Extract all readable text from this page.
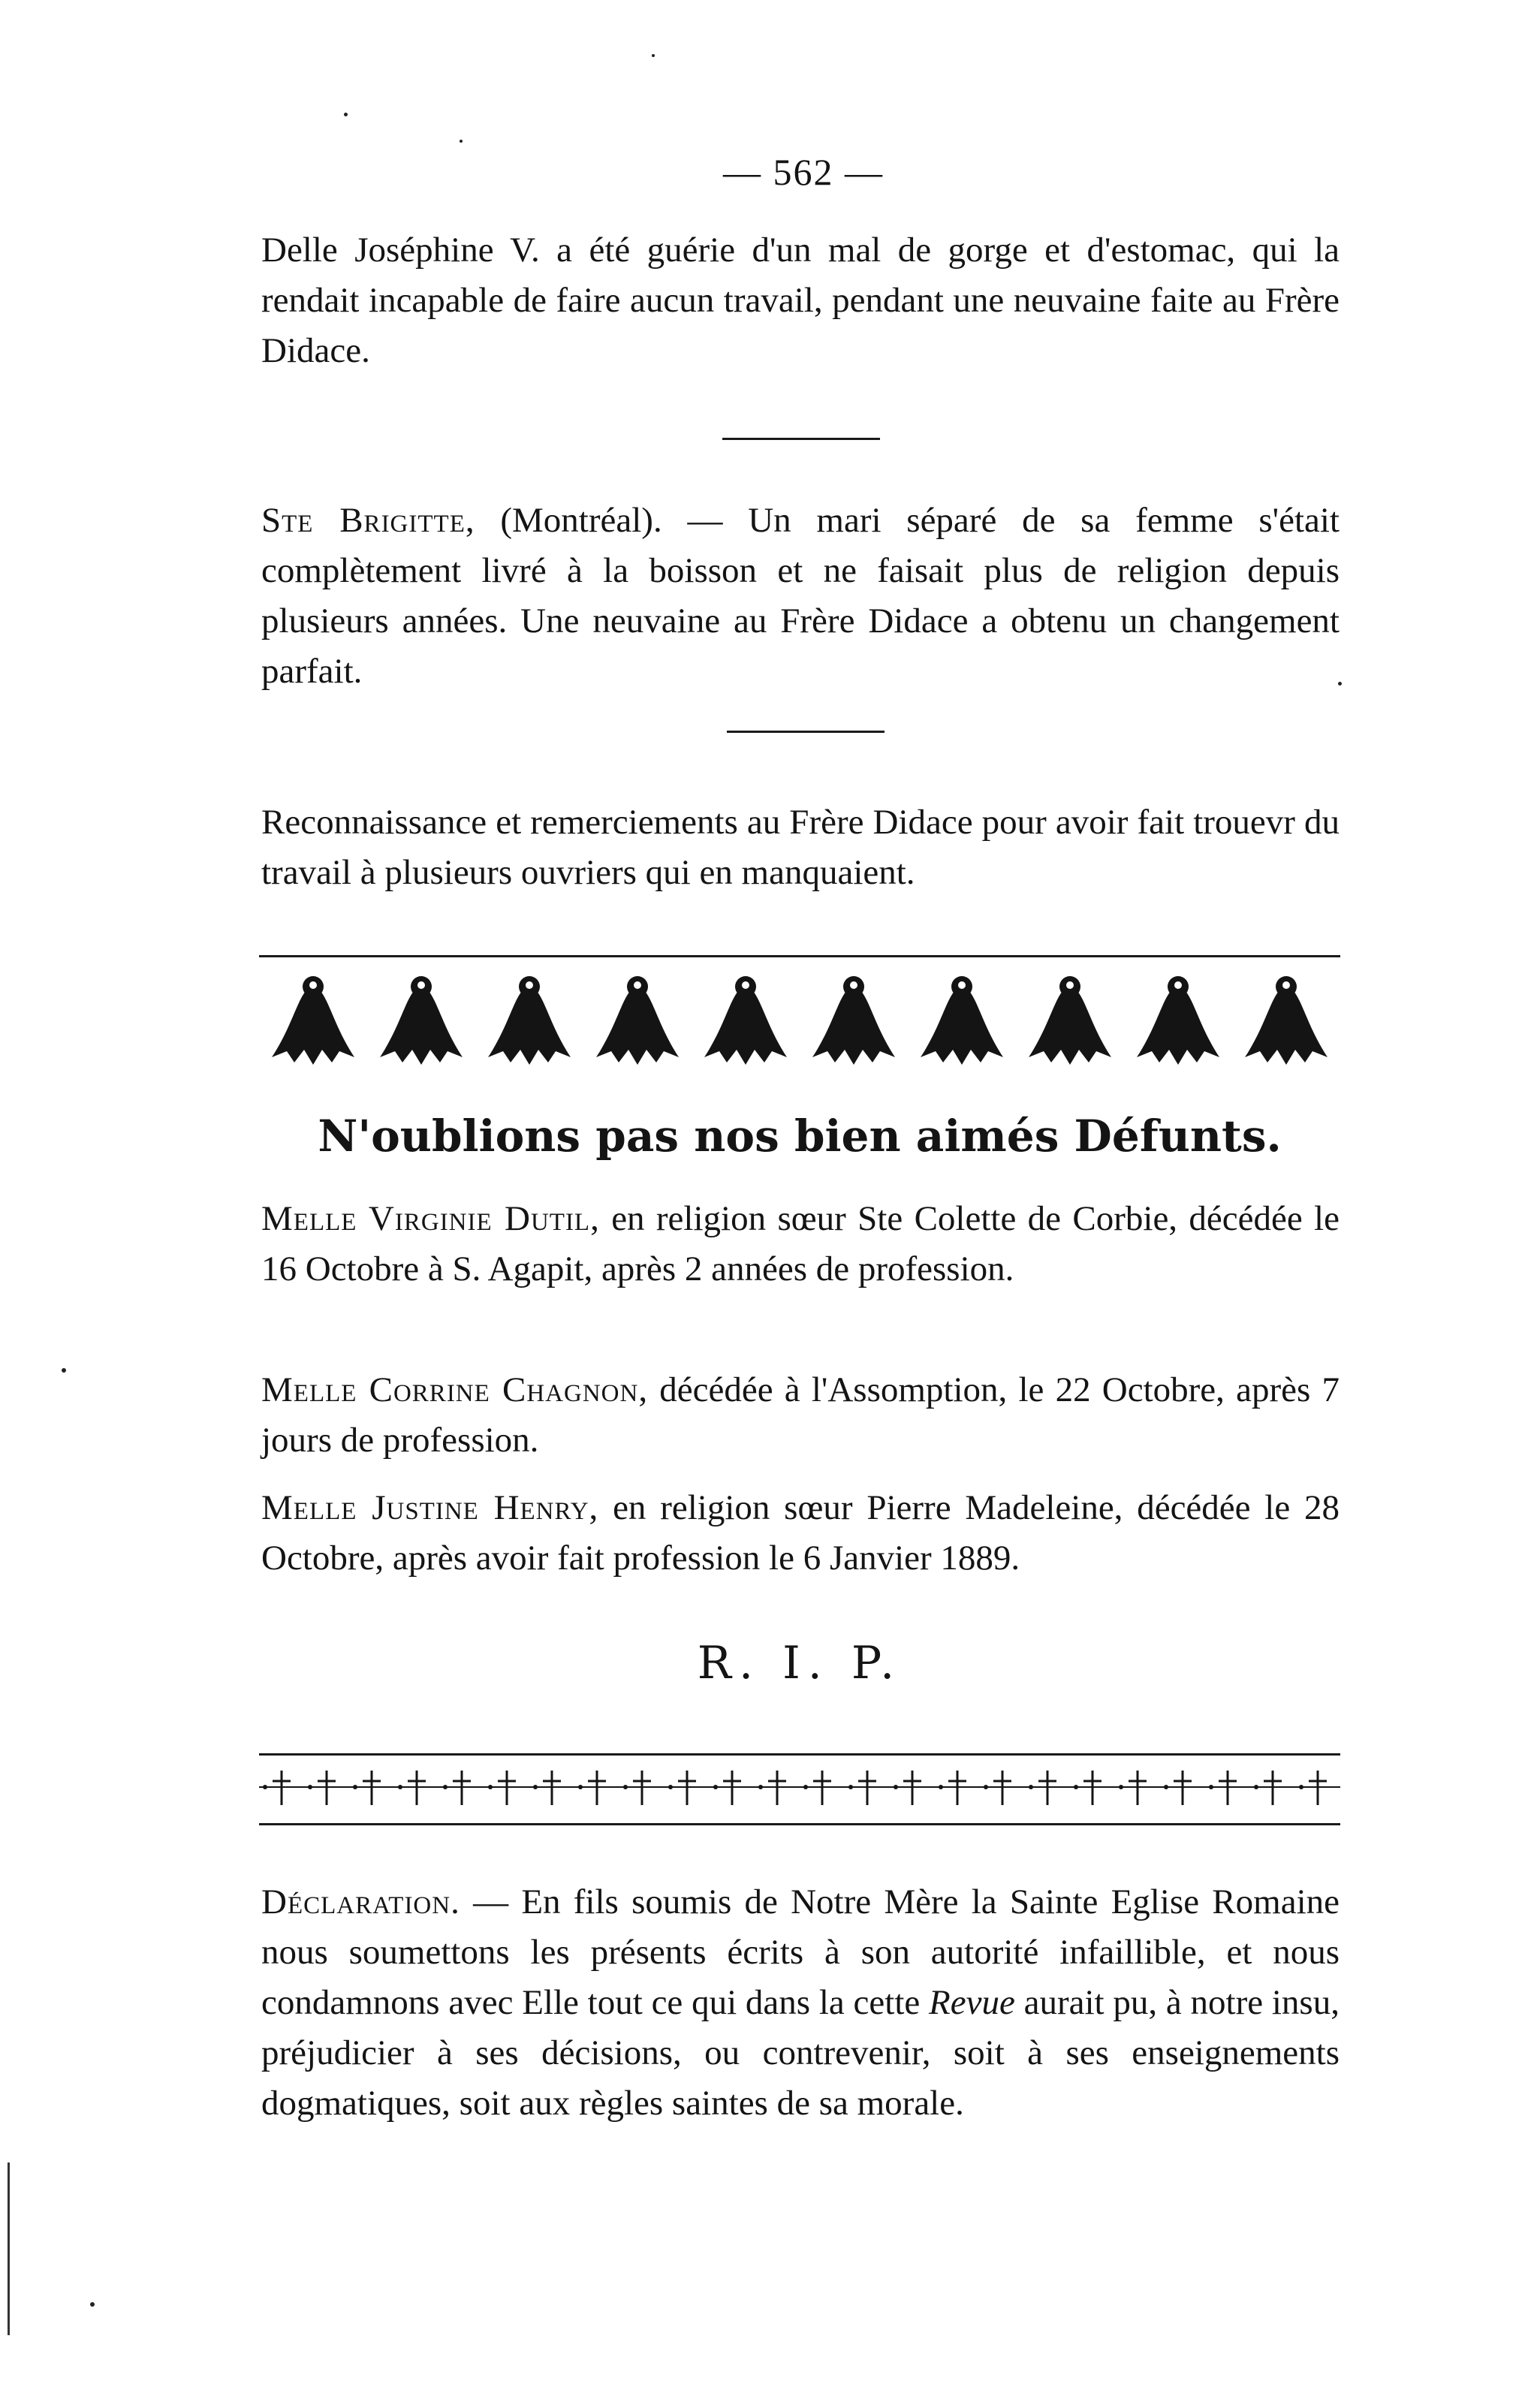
— 562 —

Delle Joséphine V. a été guérie d'un mal de gorge et d'estomac, qui la rendait incapable de faire aucun travail, pendant une neuvaine faite au Frère Didace.

Ste Brigitte, (Montréal). — Un mari séparé de sa femme s'était complètement livré à la boisson et ne faisait plus de religion depuis plusieurs années. Une neuvaine au Frère Didace a obtenu un changement parfait.

Reconnaissance et remerciements au Frère Didace pour avoir fait trouevr du travail à plusieurs ouvriers qui en manquaient.

N'oublions pas nos bien aimés Défunts.

Melle Virginie Dutil, en religion sœur Ste Colette de Corbie, décédée le 16 Octobre à S. Agapit, après 2 années de profession.

Melle Corrine Chagnon, décédée à l'Assomption, le 22 Octobre, après 7 jours de profession.

Melle Justine Henry, en religion sœur Pierre Madeleine, décédée le 28 Octobre, après avoir fait profession le 6 Janvier 1889.

R. I. P.

Déclaration. — En fils soumis de Notre Mère la Sainte Eglise Romaine nous soumettons les présents écrits à son autorité infaillible, et nous condamnons avec Elle tout ce qui dans la cette Revue aurait pu, à notre insu, préjudicier à ses décisions, ou contrevenir, soit à ses enseignements dogmatiques, soit aux règles saintes de sa morale.
